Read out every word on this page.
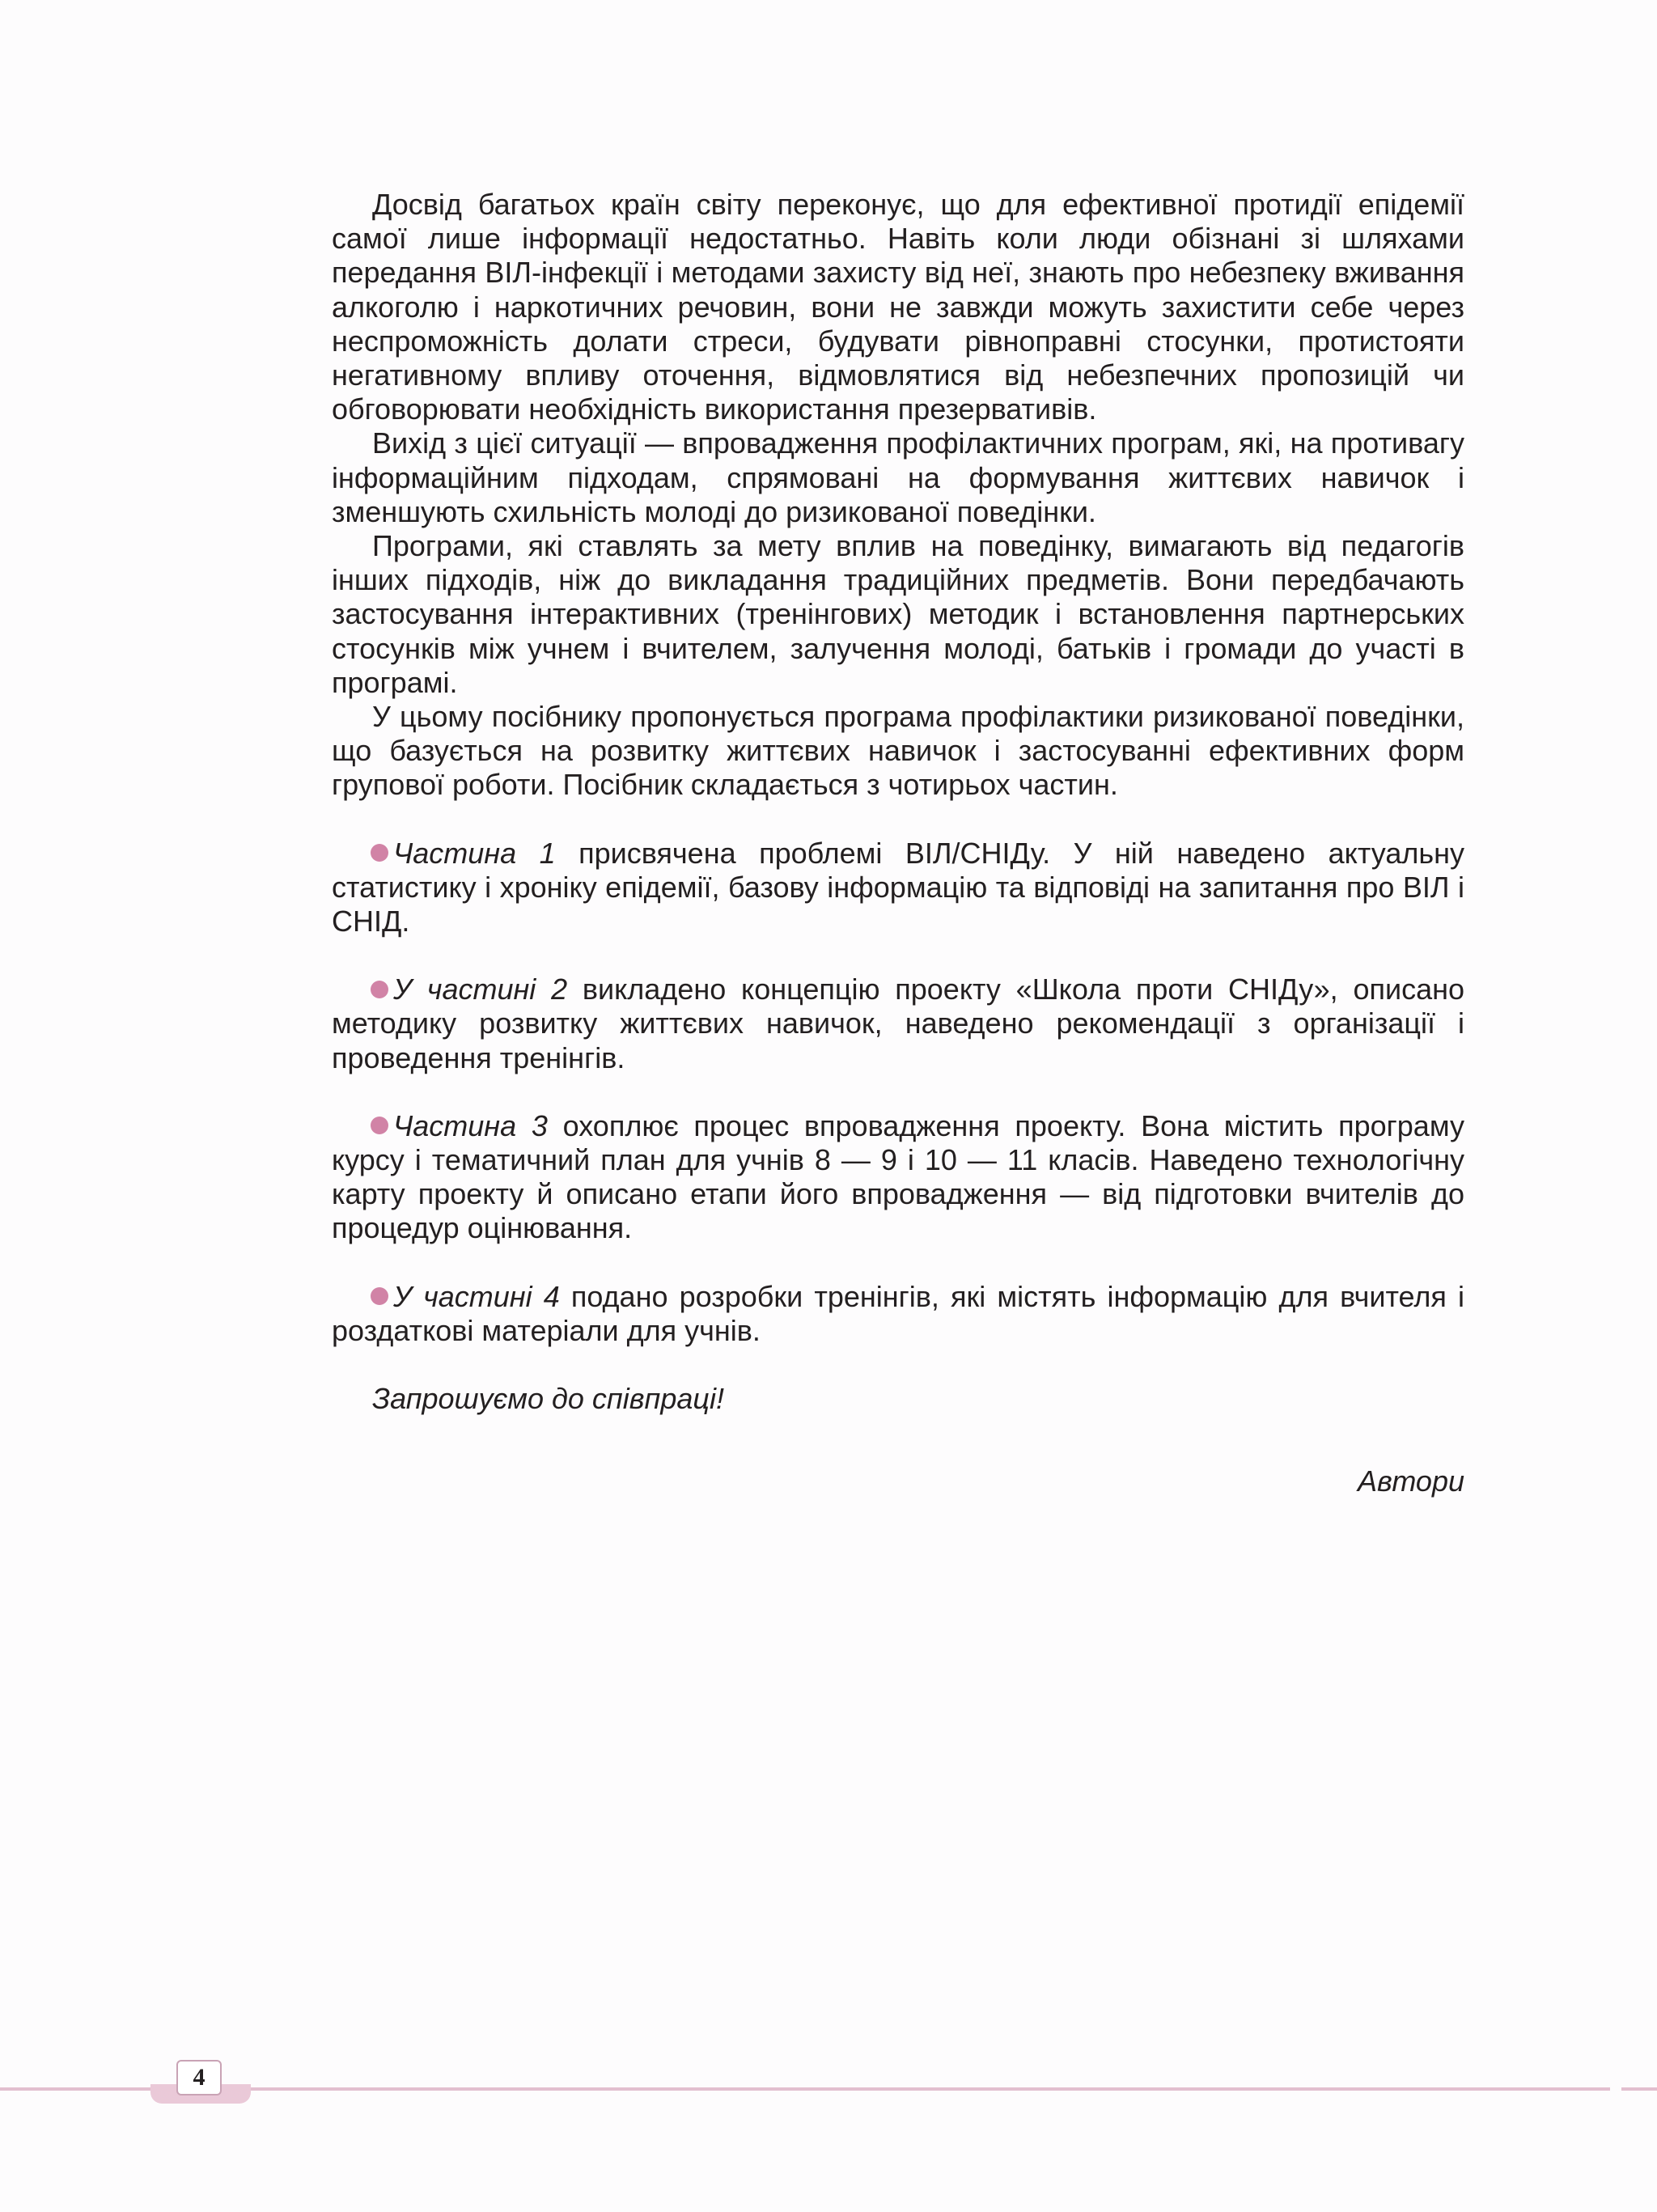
Досвід багатьох країн світу переконує, що для ефективної протидії епідемії самої лише інформації недостатньо. Навіть коли люди обізнані зі шляхами передання ВІЛ-інфекції і методами захисту від неї, знають про небезпеку вживання алкоголю і наркотичних речовин, вони не завжди можуть захистити себе через неспроможність долати стреси, будувати рівноправні стосунки, протистояти негативному впливу оточення, відмовлятися від небезпечних пропозицій чи обговорювати необхідність використання презервативів.

Вихід з цієї ситуації — впровадження профілактичних програм, які, на противагу інформаційним підходам, спрямовані на формування життєвих навичок і зменшують схильність молоді до ризикованої поведінки.

Програми, які ставлять за мету вплив на поведінку, вимагають від педагогів інших підходів, ніж до викладання традиційних предметів. Вони передбачають застосування інтерактивних (тренінгових) методик і встановлення партнерських стосунків між учнем і вчителем, залучення молоді, батьків і громади до участі в програмі.

У цьому посібнику пропонується програма профілактики ризикованої поведінки, що базується на розвитку життєвих навичок і застосуванні ефективних форм групової роботи. Посібник складається з чотирьох частин.

Частина 1 присвячена проблемі ВІЛ/СНІДу. У ній наведено актуальну статистику і хроніку епідемії, базову інформацію та відповіді на запитання про ВІЛ і СНІД.
У частині 2 викладено концепцію проекту «Школа проти СНІДу», описано методику розвитку життєвих навичок, наведено рекомендації з організації і проведення тренінгів.
Частина 3 охоплює процес впровадження проекту. Вона містить програму курсу і тематичний план для учнів 8 — 9 і 10 — 11 класів. Наведено технологічну карту проекту й описано етапи його впровадження — від підготовки вчителів до процедур оцінювання.
У частині 4 подано розробки тренінгів, які містять інформацію для вчителя і роздаткові матеріали для учнів.
Запрошуємо до співпраці!
Автори
4
